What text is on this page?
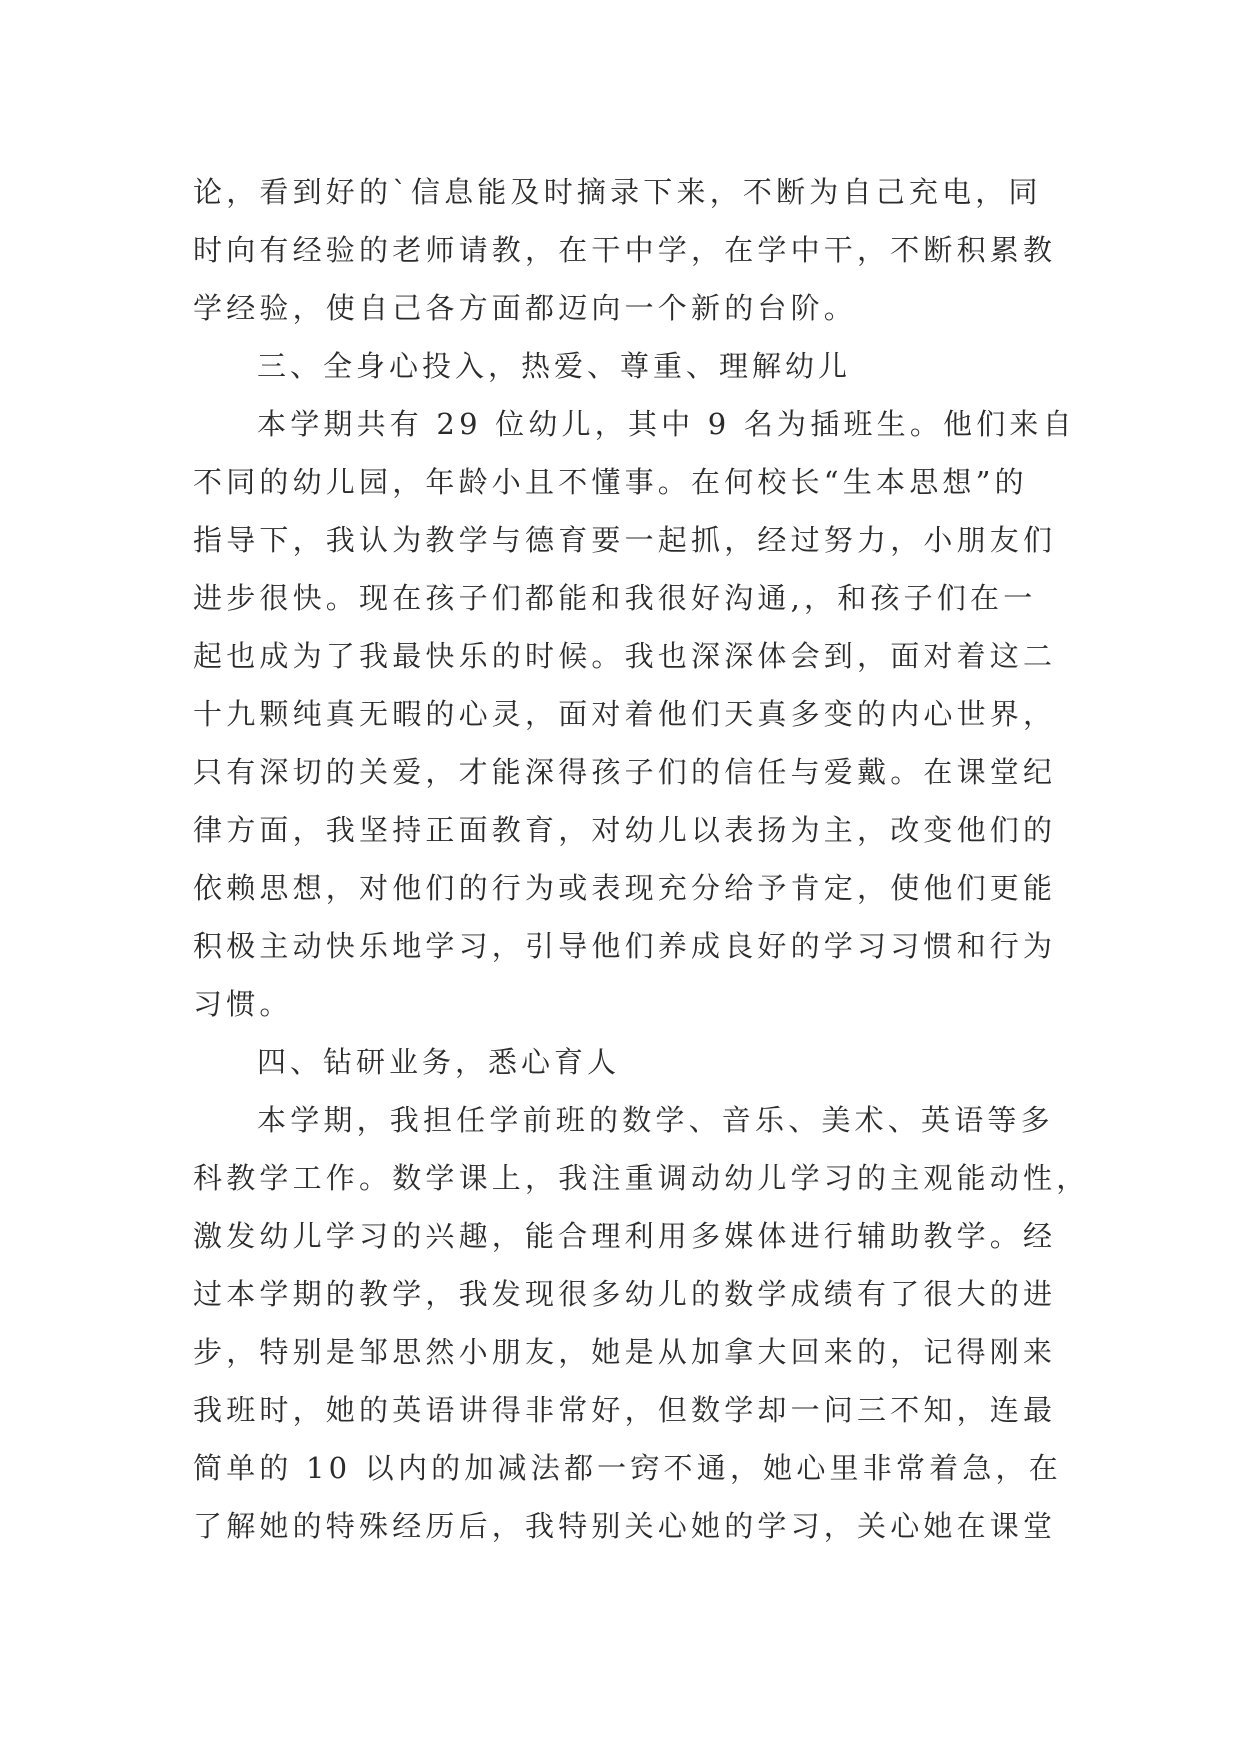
论，看到好的`信息能及时摘录下来，不断为自己充电，同
时向有经验的老师请教，在干中学，在学中干，不断积累教
学经验，使自己各方面都迈向一个新的台阶。
三、全身心投入，热爱、尊重、理解幼儿
本学期共有 29 位幼儿，其中 9 名为插班生。他们来自
不同的幼儿园，年龄小且不懂事。在何校长“生本思想”的
指导下，我认为教学与德育要一起抓，经过努力，小朋友们
进步很快。现在孩子们都能和我很好沟通,，和孩子们在一
起也成为了我最快乐的时候。我也深深体会到，面对着这二
十九颗纯真无暇的心灵，面对着他们天真多变的内心世界，
只有深切的关爱，才能深得孩子们的信任与爱戴。在课堂纪
律方面，我坚持正面教育，对幼儿以表扬为主，改变他们的
依赖思想，对他们的行为或表现充分给予肯定，使他们更能
积极主动快乐地学习，引导他们养成良好的学习习惯和行为
习惯。
四、钻研业务，悉心育人
本学期，我担任学前班的数学、音乐、美术、英语等多
科教学工作。数学课上，我注重调动幼儿学习的主观能动性，
激发幼儿学习的兴趣，能合理利用多媒体进行辅助教学。经
过本学期的教学，我发现很多幼儿的数学成绩有了很大的进
步，特别是邹思然小朋友，她是从加拿大回来的，记得刚来
我班时，她的英语讲得非常好，但数学却一问三不知，连最
简单的 10 以内的加减法都一窍不通，她心里非常着急，在
了解她的特殊经历后，我特别关心她的学习，关心她在课堂
